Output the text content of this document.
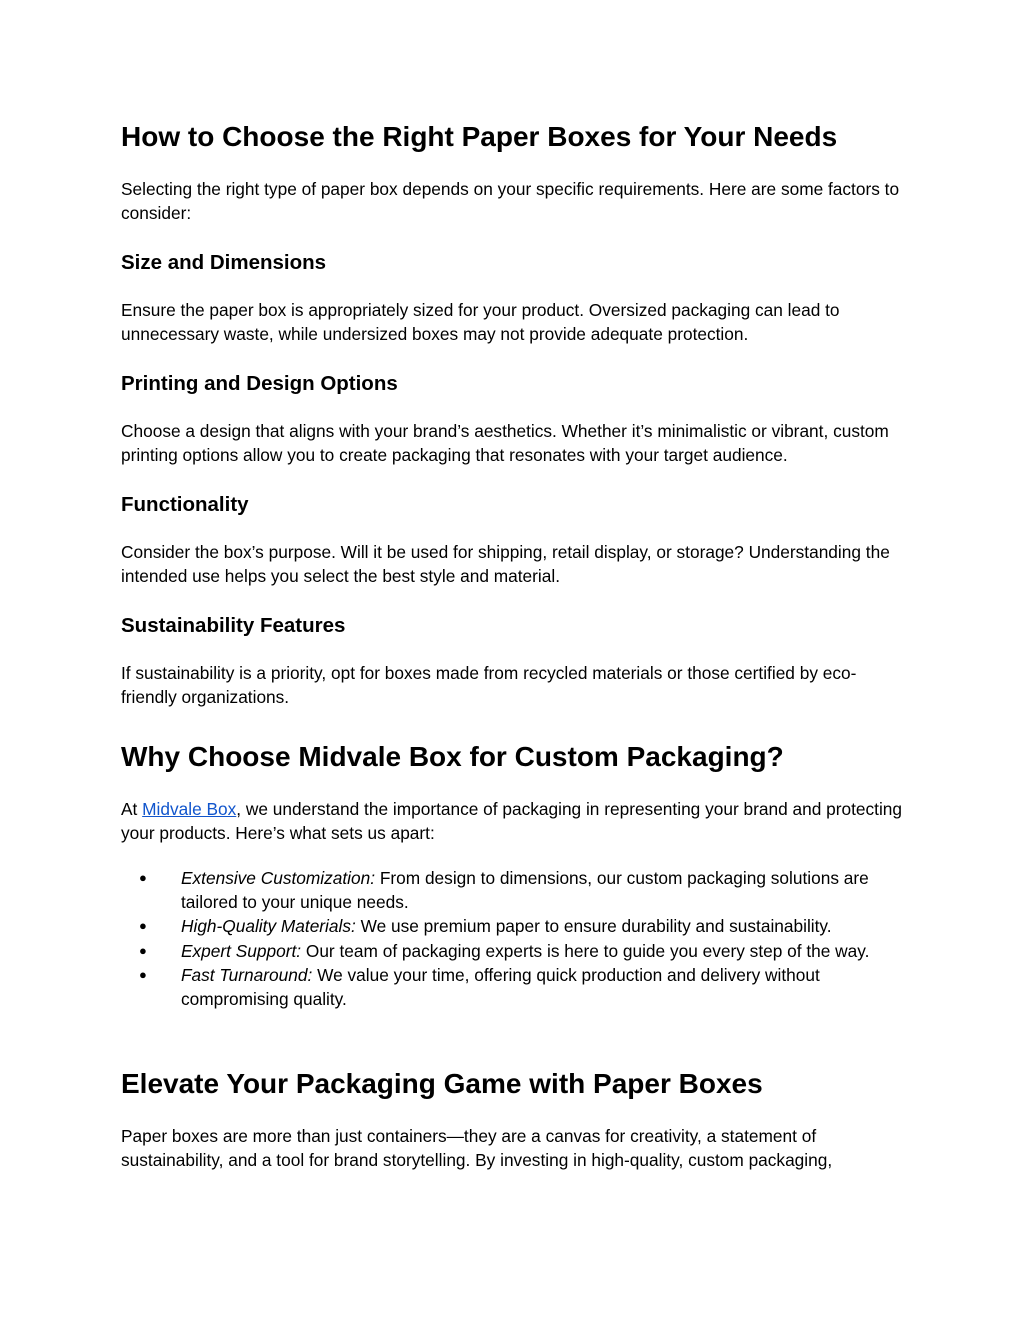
How to Choose the Right Paper Boxes for Your Needs

Selecting the right type of paper box depends on your specific requirements. Here are some factors to consider:

Size and Dimensions

Ensure the paper box is appropriately sized for your product. Oversized packaging can lead to unnecessary waste, while undersized boxes may not provide adequate protection.

Printing and Design Options

Choose a design that aligns with your brand’s aesthetics. Whether it’s minimalistic or vibrant, custom printing options allow you to create packaging that resonates with your target audience.

Functionality

Consider the box’s purpose. Will it be used for shipping, retail display, or storage? Understanding the intended use helps you select the best style and material.

Sustainability Features

If sustainability is a priority, opt for boxes made from recycled materials or those certified by eco-friendly organizations.

Why Choose Midvale Box for Custom Packaging?

At Midvale Box, we understand the importance of packaging in representing your brand and protecting your products. Here’s what sets us apart:

● Extensive Customization: From design to dimensions, our custom packaging solutions are tailored to your unique needs.
● High-Quality Materials: We use premium paper to ensure durability and sustainability.
● Expert Support: Our team of packaging experts is here to guide you every step of the way.
● Fast Turnaround: We value your time, offering quick production and delivery without compromising quality.
Elevate Your Packaging Game with Paper Boxes

Paper boxes are more than just containers—they are a canvas for creativity, a statement of sustainability, and a tool for brand storytelling. By investing in high-quality, custom packaging,
